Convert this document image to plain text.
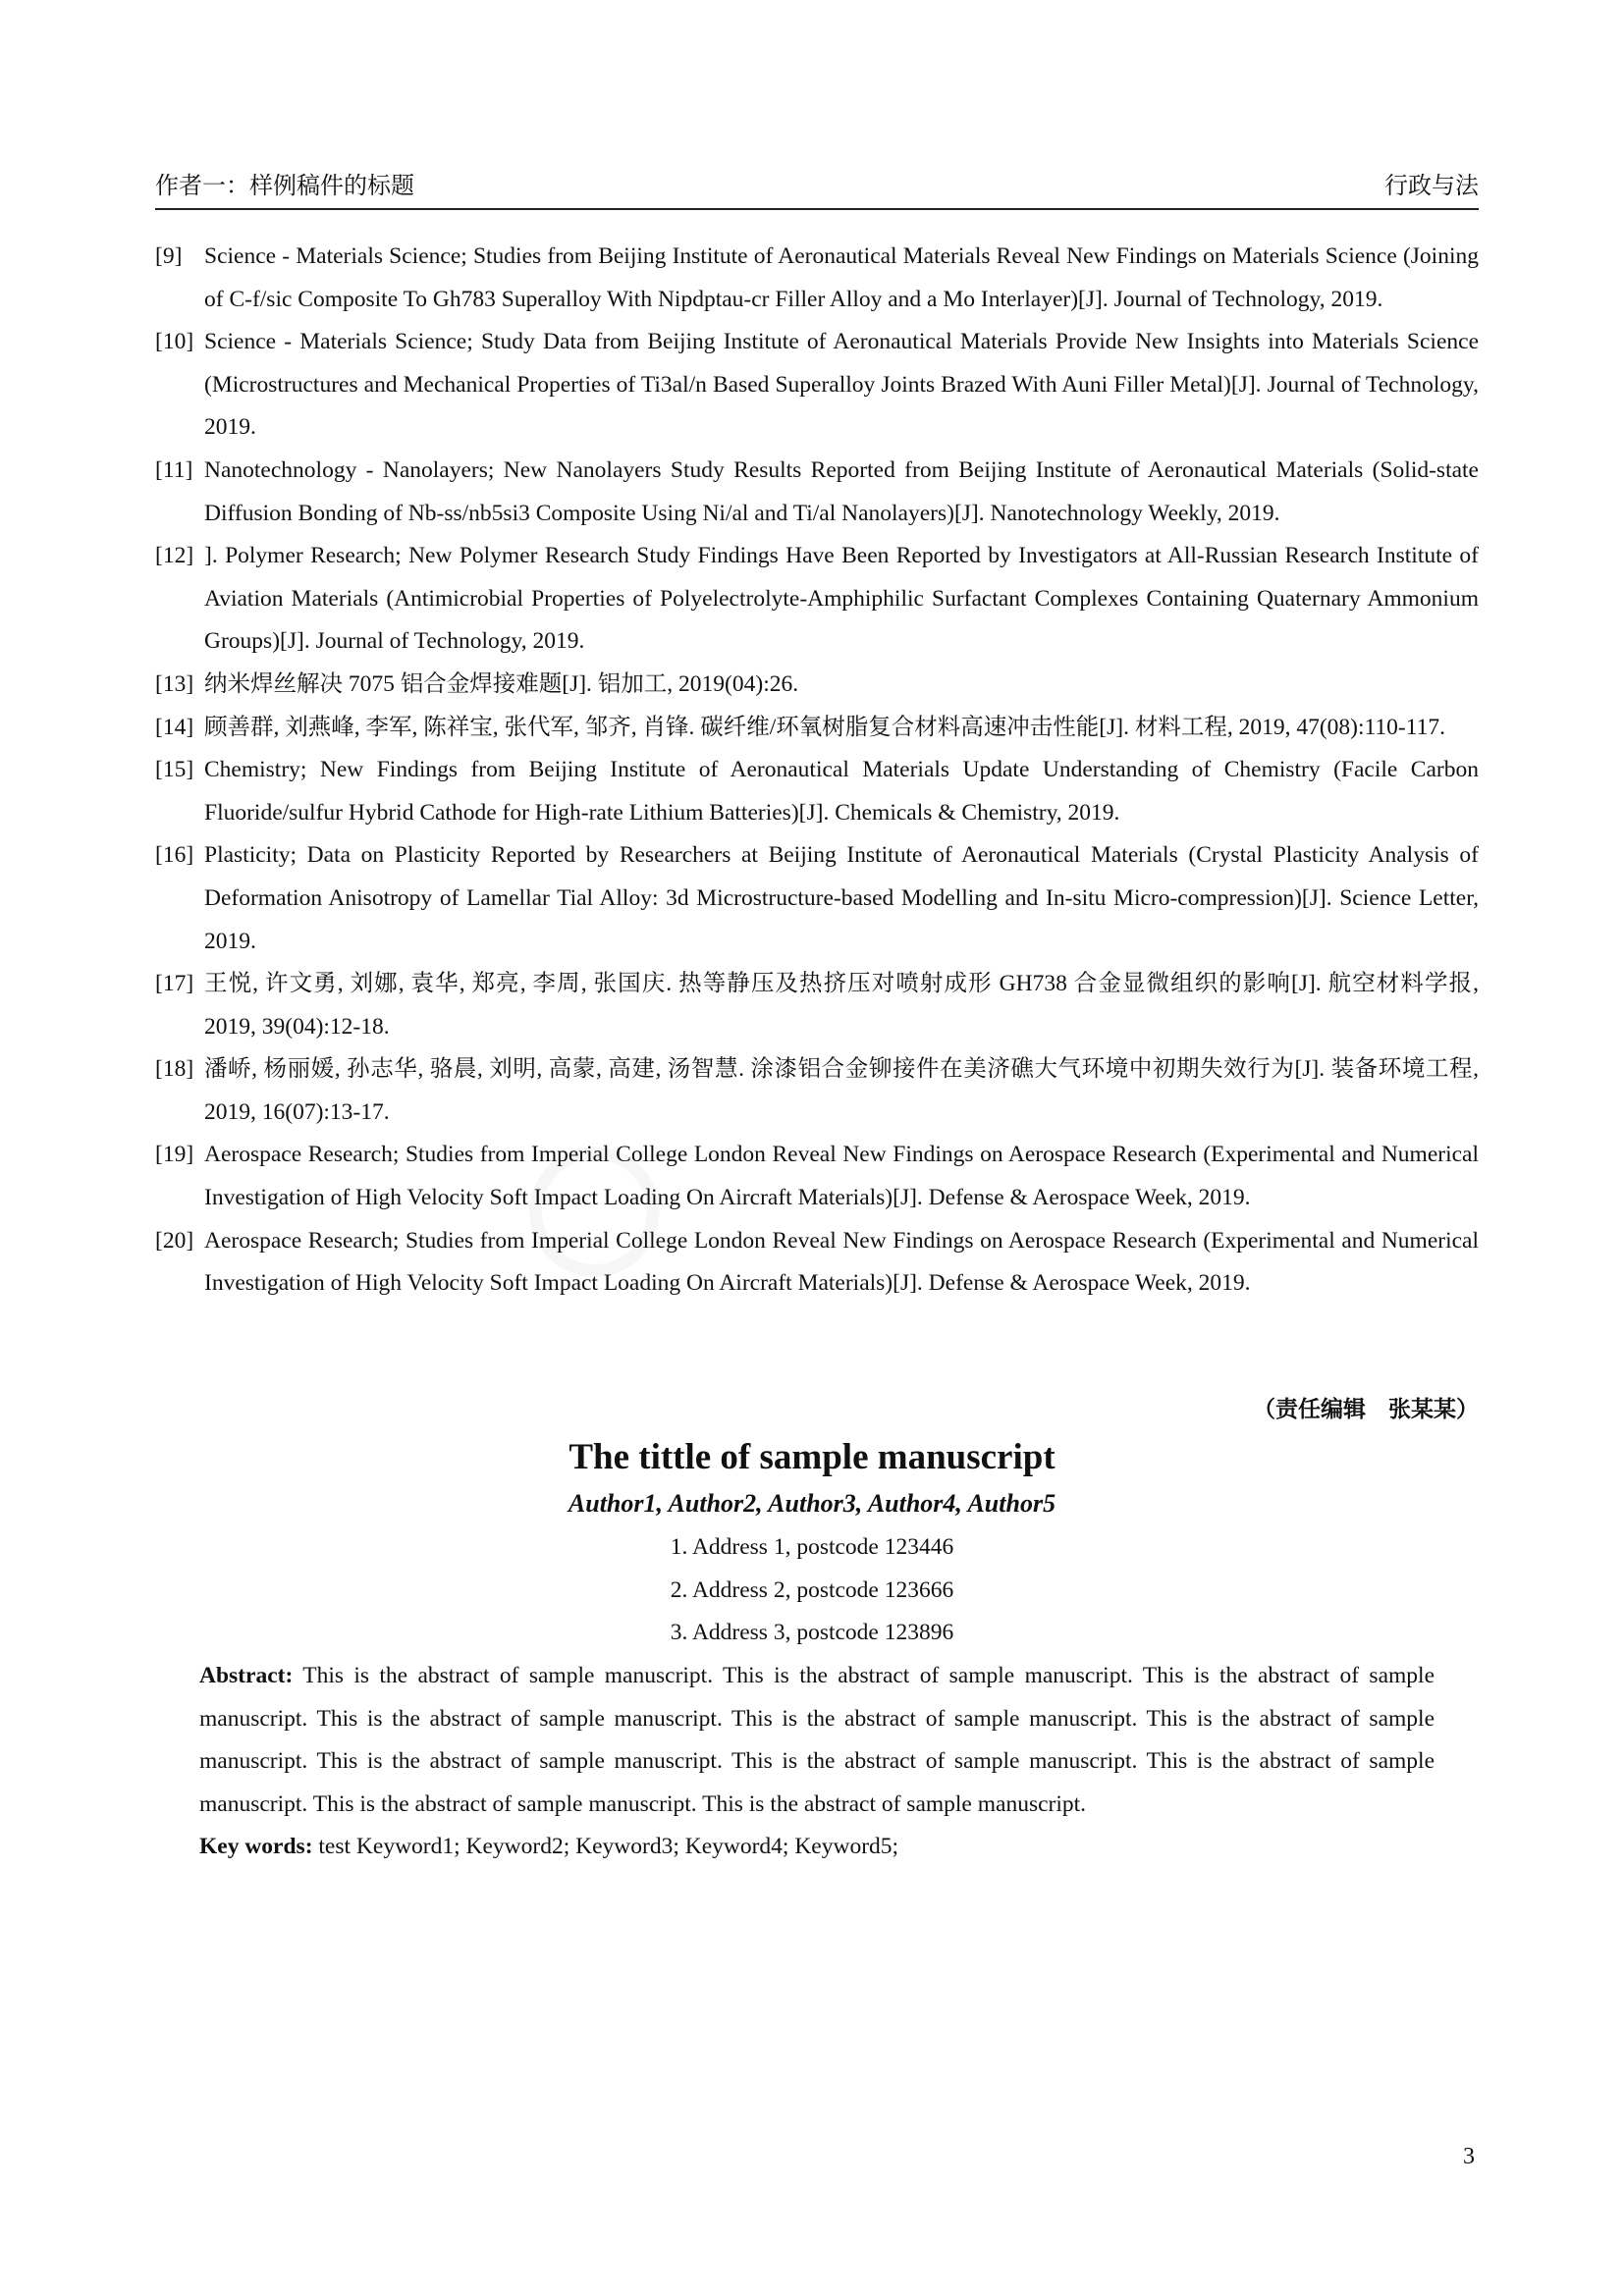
作者一：样例稿件的标题	行政与法
[9] Science - Materials Science; Studies from Beijing Institute of Aeronautical Materials Reveal New Findings on Materials Science (Joining of C-f/sic Composite To Gh783 Superalloy With Nipdptau-cr Filler Alloy and a Mo Interlayer)[J]. Journal of Technology, 2019.
[10] Science - Materials Science; Study Data from Beijing Institute of Aeronautical Materials Provide New Insights into Materials Science (Microstructures and Mechanical Properties of Ti3al/n Based Superalloy Joints Brazed With Auni Filler Metal)[J]. Journal of Technology, 2019.
[11] Nanotechnology - Nanolayers; New Nanolayers Study Results Reported from Beijing Institute of Aeronautical Materials (Solid-state Diffusion Bonding of Nb-ss/nb5si3 Composite Using Ni/al and Ti/al Nanolayers)[J]. Nanotechnology Weekly, 2019.
[12] ]. Polymer Research; New Polymer Research Study Findings Have Been Reported by Investigators at All-Russian Research Institute of Aviation Materials (Antimicrobial Properties of Polyelectrolyte-Amphiphilic Surfactant Complexes Containing Quaternary Ammonium Groups)[J]. Journal of Technology, 2019.
[13] 纳米焊丝解决 7075 铝合金焊接难题[J]. 铝加工, 2019(04):26.
[14] 顾善群, 刘燕峰, 李军, 陈祥宝, 张代军, 邹齐, 肖锋. 碳纤维/环氧树脂复合材料高速冲击性能[J]. 材料工程, 2019, 47(08):110-117.
[15] Chemistry; New Findings from Beijing Institute of Aeronautical Materials Update Understanding of Chemistry (Facile Carbon Fluoride/sulfur Hybrid Cathode for High-rate Lithium Batteries)[J]. Chemicals & Chemistry, 2019.
[16] Plasticity; Data on Plasticity Reported by Researchers at Beijing Institute of Aeronautical Materials (Crystal Plasticity Analysis of Deformation Anisotropy of Lamellar Tial Alloy: 3d Microstructure-based Modelling and In-situ Micro-compression)[J]. Science Letter, 2019.
[17] 王悦, 许文勇, 刘娜, 袁华, 郑亮, 李周, 张国庆. 热等静压及热挤压对喷射成形 GH738 合金显微组织的影响[J]. 航空材料学报, 2019, 39(04):12-18.
[18] 潘峤, 杨丽媛, 孙志华, 骆晨, 刘明, 高蒙, 高建, 汤智慧. 涂漆铝合金铆接件在美济礁大气环境中初期失效行为[J]. 装备环境工程, 2019, 16(07):13-17.
[19] Aerospace Research; Studies from Imperial College London Reveal New Findings on Aerospace Research (Experimental and Numerical Investigation of High Velocity Soft Impact Loading On Aircraft Materials)[J]. Defense & Aerospace Week, 2019.
[20] Aerospace Research; Studies from Imperial College London Reveal New Findings on Aerospace Research (Experimental and Numerical Investigation of High Velocity Soft Impact Loading On Aircraft Materials)[J]. Defense & Aerospace Week, 2019.
（责任编辑　张某某）
The tittle of sample manuscript
Author1, Author2, Author3, Author4, Author5
1. Address 1, postcode 123446
2. Address 2, postcode 123666
3. Address 3, postcode 123896
Abstract: This is the abstract of sample manuscript. This is the abstract of sample manuscript. This is the abstract of sample manuscript. This is the abstract of sample manuscript. This is the abstract of sample manuscript. This is the abstract of sample manuscript. This is the abstract of sample manuscript. This is the abstract of sample manuscript. This is the abstract of sample manuscript. This is the abstract of sample manuscript. This is the abstract of sample manuscript.
Key words: test Keyword1; Keyword2; Keyword3; Keyword4; Keyword5;
3
